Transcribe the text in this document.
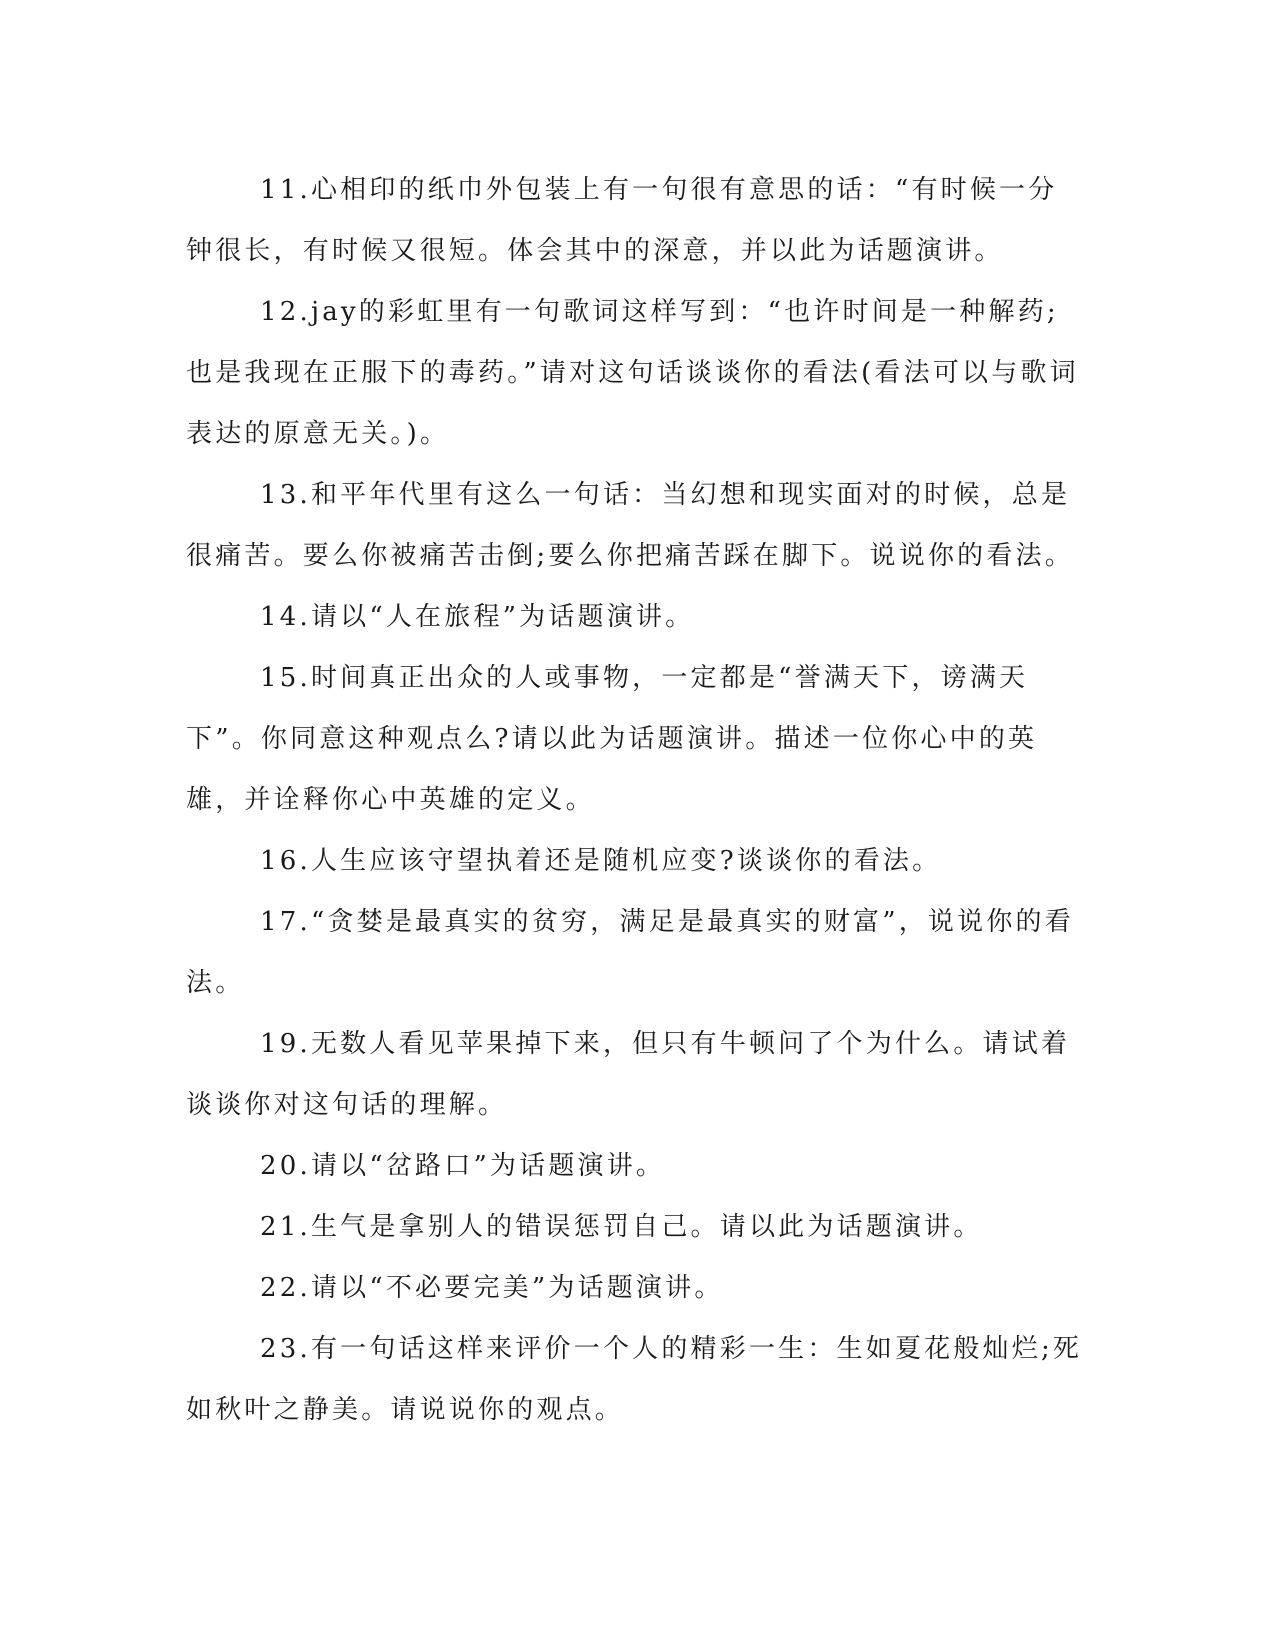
11.心相印的纸巾外包装上有一句很有意思的话：“有时候一分钟很长，有时候又很短。体会其中的深意，并以此为话题演讲。

12.jay的彩虹里有一句歌词这样写到：“也许时间是一种解药;也是我现在正服下的毒药。”请对这句话谈谈你的看法(看法可以与歌词表达的原意无关。)。

13.和平年代里有这么一句话：当幻想和现实面对的时候，总是很痛苦。要么你被痛苦击倒;要么你把痛苦踩在脚下。说说你的看法。

14.请以“人在旅程”为话题演讲。

15.时间真正出众的人或事物，一定都是“誉满天下，谤满天下”。你同意这种观点么?请以此为话题演讲。描述一位你心中的英雄，并诠释你心中英雄的定义。

16.人生应该守望执着还是随机应变?谈谈你的看法。

17.“贪婪是最真实的贫穷，满足是最真实的财富”，说说你的看法。

19.无数人看见苹果掉下来，但只有牛顿问了个为什么。请试着谈谈你对这句话的理解。

20.请以“岔路口”为话题演讲。

21.生气是拿别人的错误惩罚自己。请以此为话题演讲。

22.请以“不必要完美”为话题演讲。

23.有一句话这样来评价一个人的精彩一生：生如夏花般灿烂;死如秋叶之静美。请说说你的观点。
